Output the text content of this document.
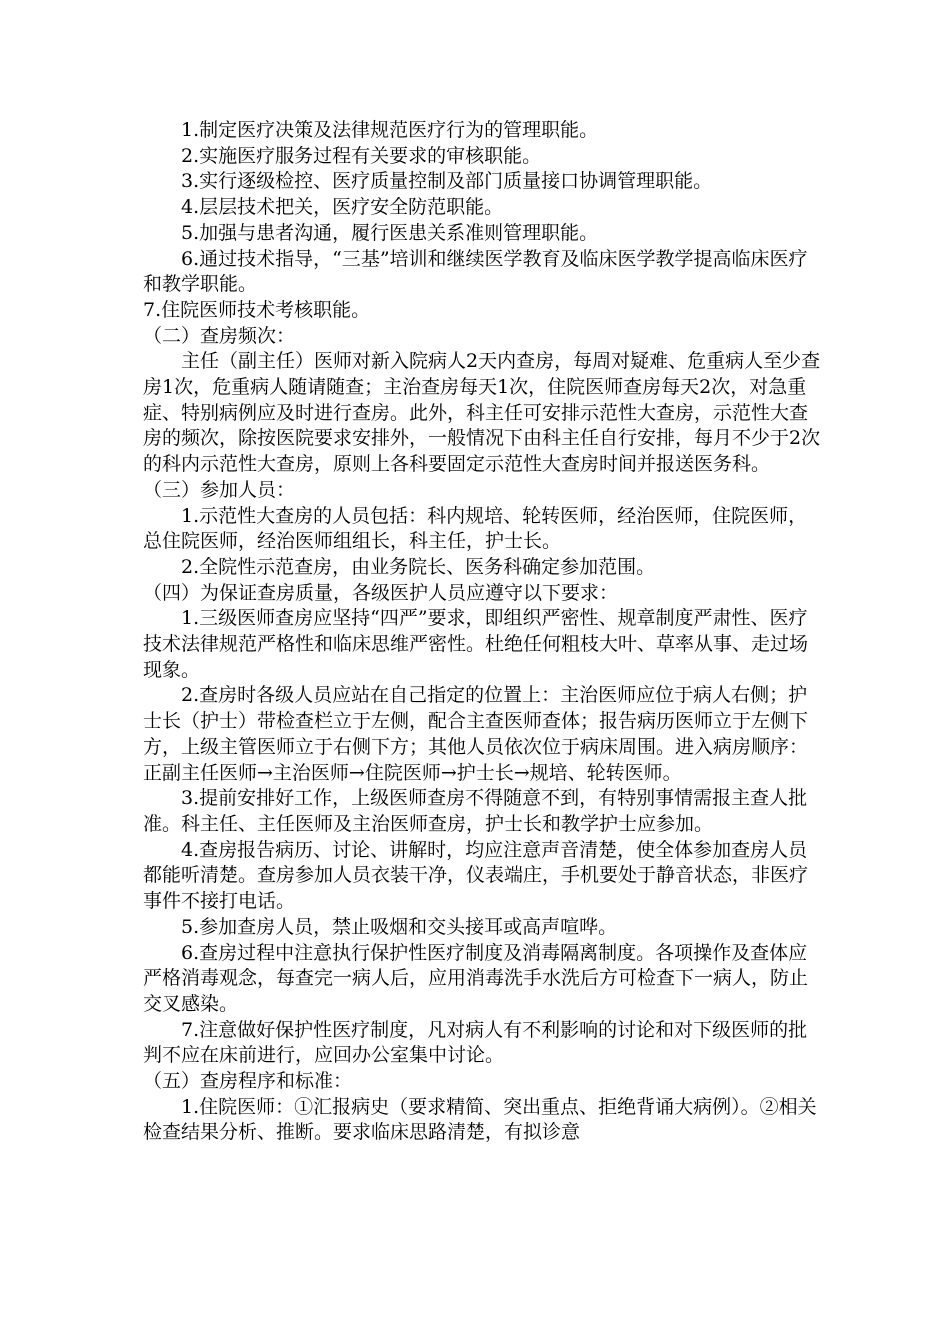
1.制定医疗决策及法律规范医疗行为的管理职能。

2.实施医疗服务过程有关要求的审核职能。

3.实行逐级检控、医疗质量控制及部门质量接口协调管理职能。

4.层层技术把关，医疗安全防范职能。

5.加强与患者沟通，履行医患关系准则管理职能。

6.通过技术指导，“三基”培训和继续医学教育及临床医学教学提高临床医疗和教学职能。

7.住院医师技术考核职能。

（二）查房频次：

主任（副主任）医师对新入院病人2天内查房，每周对疑难、危重病人至少查房1次，危重病人随请随查；主治查房每天1次，住院医师查房每天2次，对急重症、特别病例应及时进行查房。此外，科主任可安排示范性大查房，示范性大查房的频次，除按医院要求安排外，一般情况下由科主任自行安排，每月不少于2次的科内示范性大查房，原则上各科要固定示范性大查房时间并报送医务科。

（三）参加人员：

1.示范性大查房的人员包括：科内规培、轮转医师，经治医师，住院医师，总住院医师，经治医师组组长，科主任，护士长。

2.全院性示范查房，由业务院长、医务科确定参加范围。

（四）为保证查房质量，各级医护人员应遵守以下要求：

1.三级医师查房应坚持“四严”要求，即组织严密性、规章制度严肃性、医疗技术法律规范严格性和临床思维严密性。杜绝任何粗枝大叶、草率从事、走过场现象。

2.查房时各级人员应站在自己指定的位置上：主治医师应位于病人右侧；护士长（护士）带检查栏立于左侧，配合主查医师查体；报告病历医师立于左侧下方，上级主管医师立于右侧下方；其他人员依次位于病床周围。进入病房顺序：正副主任医师→主治医师→住院医师→护士长→规培、轮转医师。

3.提前安排好工作，上级医师查房不得随意不到，有特别事情需报主查人批准。科主任、主任医师及主治医师查房，护士长和教学护士应参加。

4.查房报告病历、讨论、讲解时，均应注意声音清楚，使全体参加查房人员都能听清楚。查房参加人员衣装干净，仪表端庄，手机要处于静音状态，非医疗事件不接打电话。

5.参加查房人员，禁止吸烟和交头接耳或高声喧哗。

6.查房过程中注意执行保护性医疗制度及消毒隔离制度。各项操作及查体应严格消毒观念，每查完一病人后，应用消毒洗手水洗后方可检查下一病人，防止交叉感染。

7.注意做好保护性医疗制度，凡对病人有不利影响的讨论和对下级医师的批判不应在床前进行，应回办公室集中讨论。

（五）查房程序和标准：

1.住院医师：①汇报病史（要求精简、突出重点、拒绝背诵大病例）。②相关检查结果分析、推断。要求临床思路清楚，有拟诊意
